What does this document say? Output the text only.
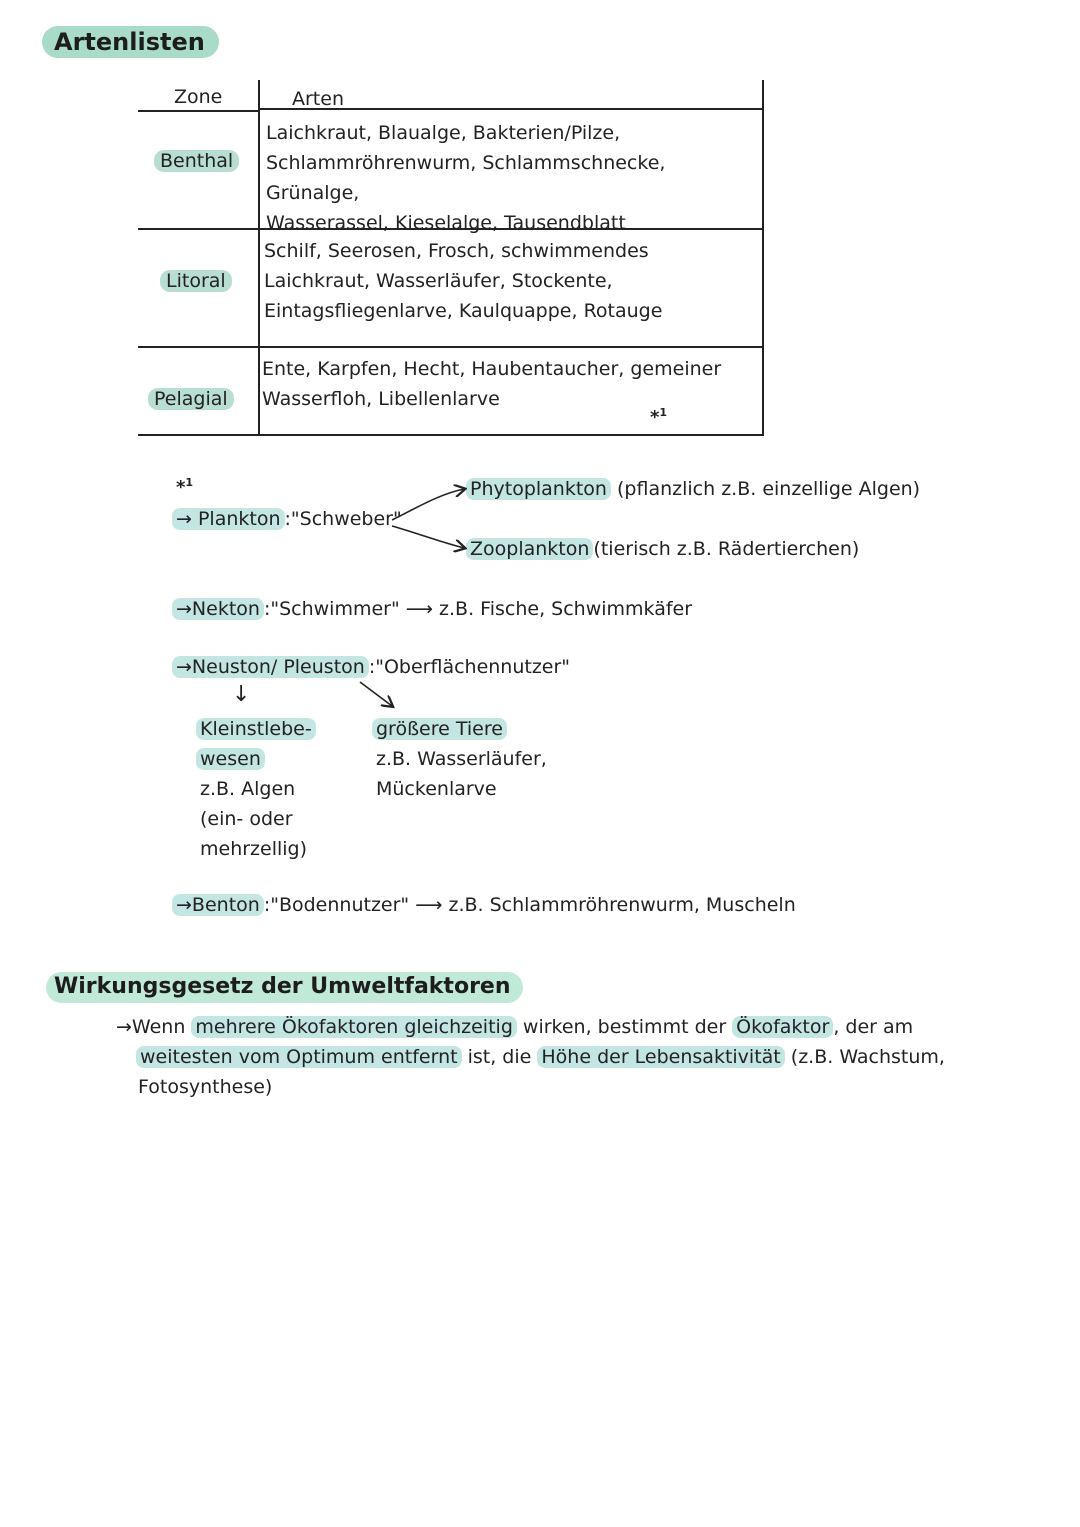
Artenlisten
Zone	Arten
Benthal
Laichkraut, Blaualge, Bakterien/Pilze,
Schlammröhrenwurm, Schlammschnecke, Grünalge,
Wasserassel, Kieselalge, Tausendblatt
Litoral
Schilf, Seerosen, Frosch, schwimmendes
Laichkraut, Wasserläufer, Stockente,
Eintagsfliegenlarve, Kaulquappe, Rotauge
Pelagial
Ente, Karpfen, Hecht, Haubentaucher, gemeiner
Wasserfloh, Libellenlarve
*$^1$
*$^1$
→ Plankton :"Schweber"
Phytoplankton (pflanzlich z.B. einzellige Algen)
Zooplankton (tierisch z.B. Rädertierchen)
→Nekton :"Schwimmer" ⟶ z.B. Fische, Schwimmkäfer
→Neuston/ Pleuston :"Oberflächennutzer"
↓
Kleinstlebe-
wesen
z.B. Algen
(ein- oder
mehrzellig)
größere Tiere
z.B. Wasserläufer,
Mückenlarve
→Benton :"Bodennutzer" ⟶ z.B. Schlammröhrenwurm, Muscheln
Wirkungsgesetz der Umweltfaktoren
→Wenn mehrere Ökofaktoren gleichzeitig wirken, bestimmt der Ökofaktor , der am
weitesten vom Optimum entfernt ist, die Höhe der Lebensaktivität (z.B. Wachstum,
Fotosynthese)
